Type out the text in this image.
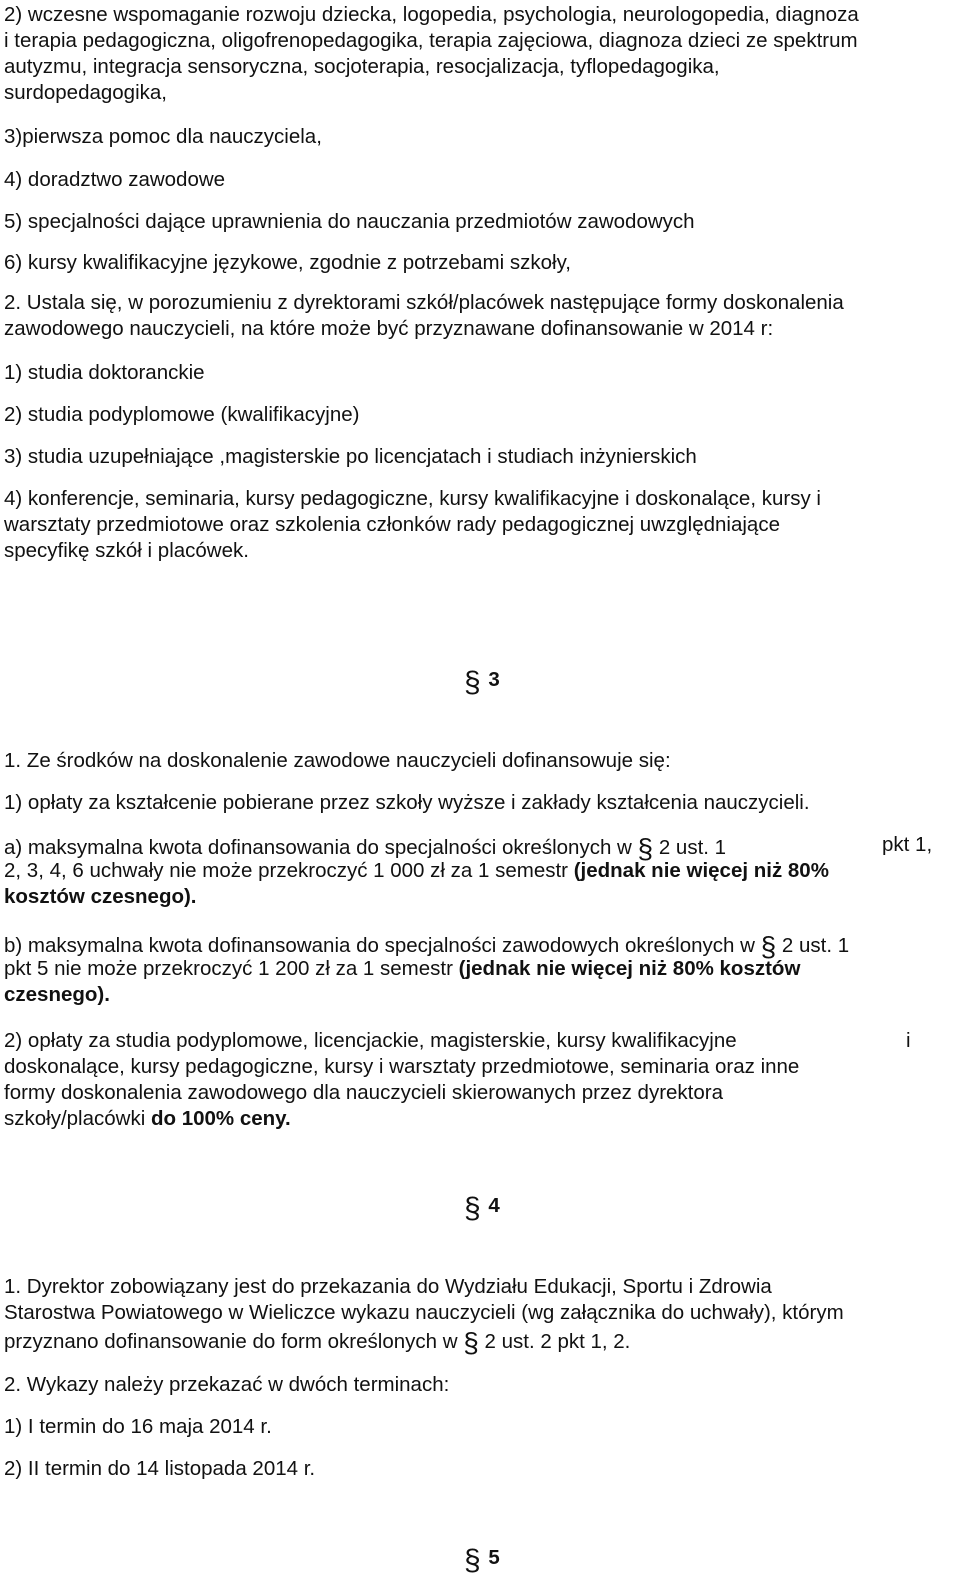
2) wczesne wspomaganie rozwoju dziecka, logopedia, psychologia, neurologopedia, diagnoza
i terapia pedagogiczna, oligofrenopedagogika, terapia zajęciowa, diagnoza dzieci ze spektrum
autyzmu, integracja sensoryczna, socjoterapia, resocjalizacja, tyflopedagogika,
surdopedagogika,
3)pierwsza pomoc dla nauczyciela,
4) doradztwo zawodowe
5) specjalności dające uprawnienia do nauczania przedmiotów zawodowych
6) kursy kwalifikacyjne językowe, zgodnie z potrzebami szkoły,
2. Ustala się, w porozumieniu z dyrektorami szkół/placówek następujące formy doskonalenia
zawodowego nauczycieli, na które może być przyznawane dofinansowanie w 2014 r:
1) studia doktoranckie
2) studia podyplomowe (kwalifikacyjne)
3) studia uzupełniające ,magisterskie po licencjatach i studiach inżynierskich
4) konferencje, seminaria, kursy pedagogiczne, kursy kwalifikacyjne i doskonalące, kursy i
warsztaty przedmiotowe oraz szkolenia członków rady pedagogicznej uwzględniające
specyfikę szkół i placówek.
§ 3
1. Ze środków na doskonalenie zawodowe nauczycieli dofinansowuje się:
1) opłaty za kształcenie pobierane przez szkoły wyższe i zakłady kształcenia nauczycieli.
a) maksymalna kwota dofinansowania do specjalności określonych w § 2 ust. 1	pkt 1,
2, 3, 4, 6 uchwały nie może przekroczyć 1 000 zł za 1 semestr (jednak nie więcej niż 80%
kosztów czesnego).
b) maksymalna kwota dofinansowania do specjalności zawodowych określonych w § 2 ust. 1
pkt 5 nie może przekroczyć 1 200 zł za 1 semestr (jednak nie więcej niż 80% kosztów
czesnego).
2) opłaty za studia podyplomowe, licencjackie, magisterskie, kursy kwalifikacyjne	i
doskonalące, kursy pedagogiczne, kursy i warsztaty przedmiotowe, seminaria oraz inne
formy doskonalenia zawodowego dla nauczycieli skierowanych przez dyrektora
szkoły/placówki do 100% ceny.
§ 4
1. Dyrektor zobowiązany jest do przekazania do Wydziału Edukacji, Sportu i Zdrowia
Starostwa Powiatowego w Wieliczce wykazu nauczycieli (wg załącznika do uchwały), którym
przyznano dofinansowanie do form określonych w § 2 ust. 2 pkt 1, 2.
2. Wykazy należy przekazać w dwóch terminach:
1) I termin do 16 maja 2014 r.
2) II termin do 14 listopada 2014 r.
§ 5
